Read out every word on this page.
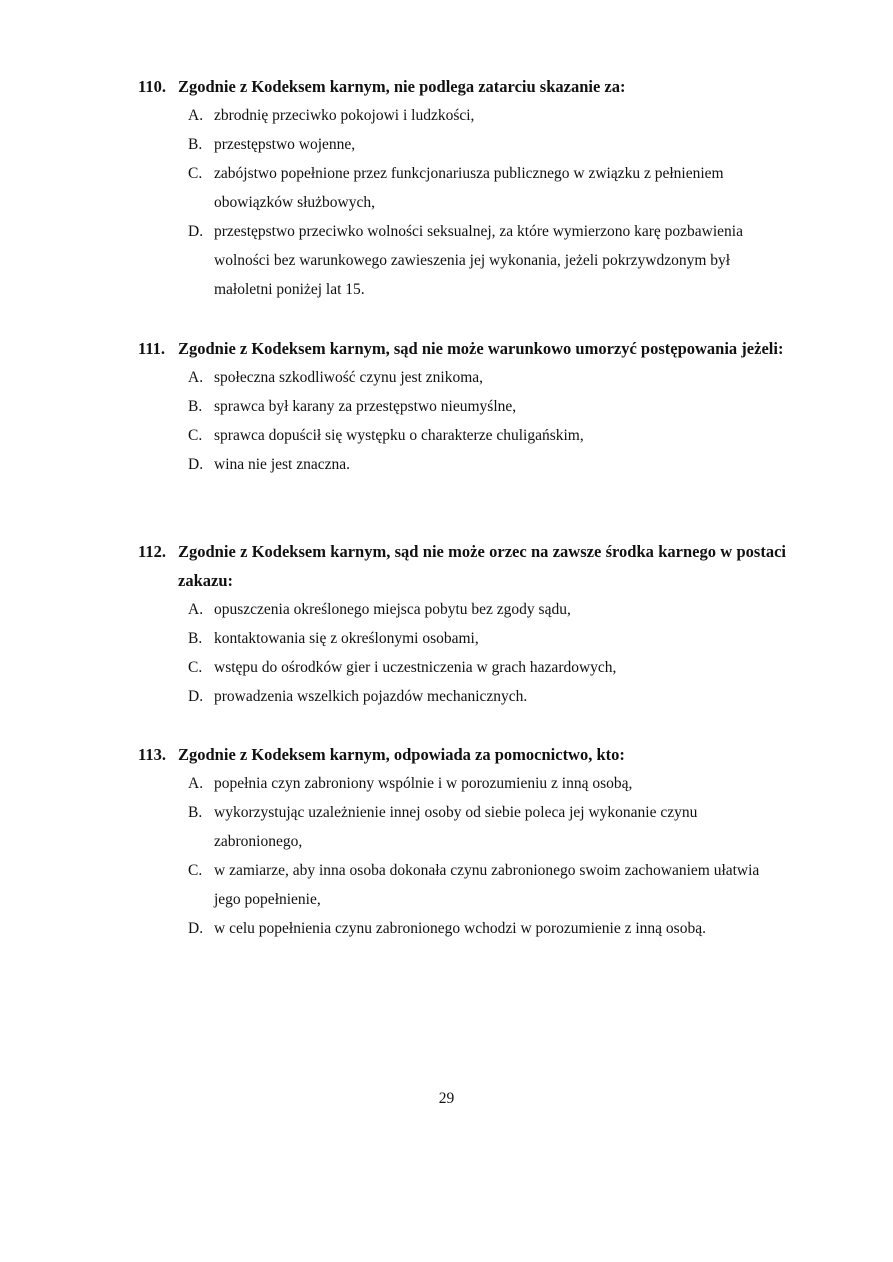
110. Zgodnie z Kodeksem karnym, nie podlega zatarciu skazanie za:
A. zbrodnię przeciwko pokojowi i ludzkości,
B. przestępstwo wojenne,
C. zabójstwo popełnione przez funkcjonariusza publicznego w związku z pełnieniem obowiązków służbowych,
D. przestępstwo przeciwko wolności seksualnej, za które wymierzono karę pozbawienia wolności bez warunkowego zawieszenia jej wykonania, jeżeli pokrzywdzonym był małoletni poniżej lat 15.
111. Zgodnie z Kodeksem karnym, sąd nie może warunkowo umorzyć postępowania jeżeli:
A. społeczna szkodliwość czynu jest znikoma,
B. sprawca był karany za przestępstwo nieumyślne,
C. sprawca dopuścił się występku o charakterze chuligańskim,
D. wina nie jest znaczna.
112. Zgodnie z Kodeksem karnym, sąd nie może orzec na zawsze środka karnego w postaci zakazu:
A. opuszczenia określonego miejsca pobytu bez zgody sądu,
B. kontaktowania się z określonymi osobami,
C. wstępu do ośrodków gier i uczestniczenia w grach hazardowych,
D. prowadzenia wszelkich pojazdów mechanicznych.
113. Zgodnie z Kodeksem karnym, odpowiada za pomocnictwo, kto:
A. popełnia czyn zabroniony wspólnie i w porozumieniu z inną osobą,
B. wykorzystując uzależnienie innej osoby od siebie poleca jej wykonanie czynu zabronionego,
C. w zamiarze, aby inna osoba dokonała czynu zabronionego swoim zachowaniem ułatwia jego popełnienie,
D. w celu popełnienia czynu zabronionego wchodzi w porozumienie z inną osobą.
29
